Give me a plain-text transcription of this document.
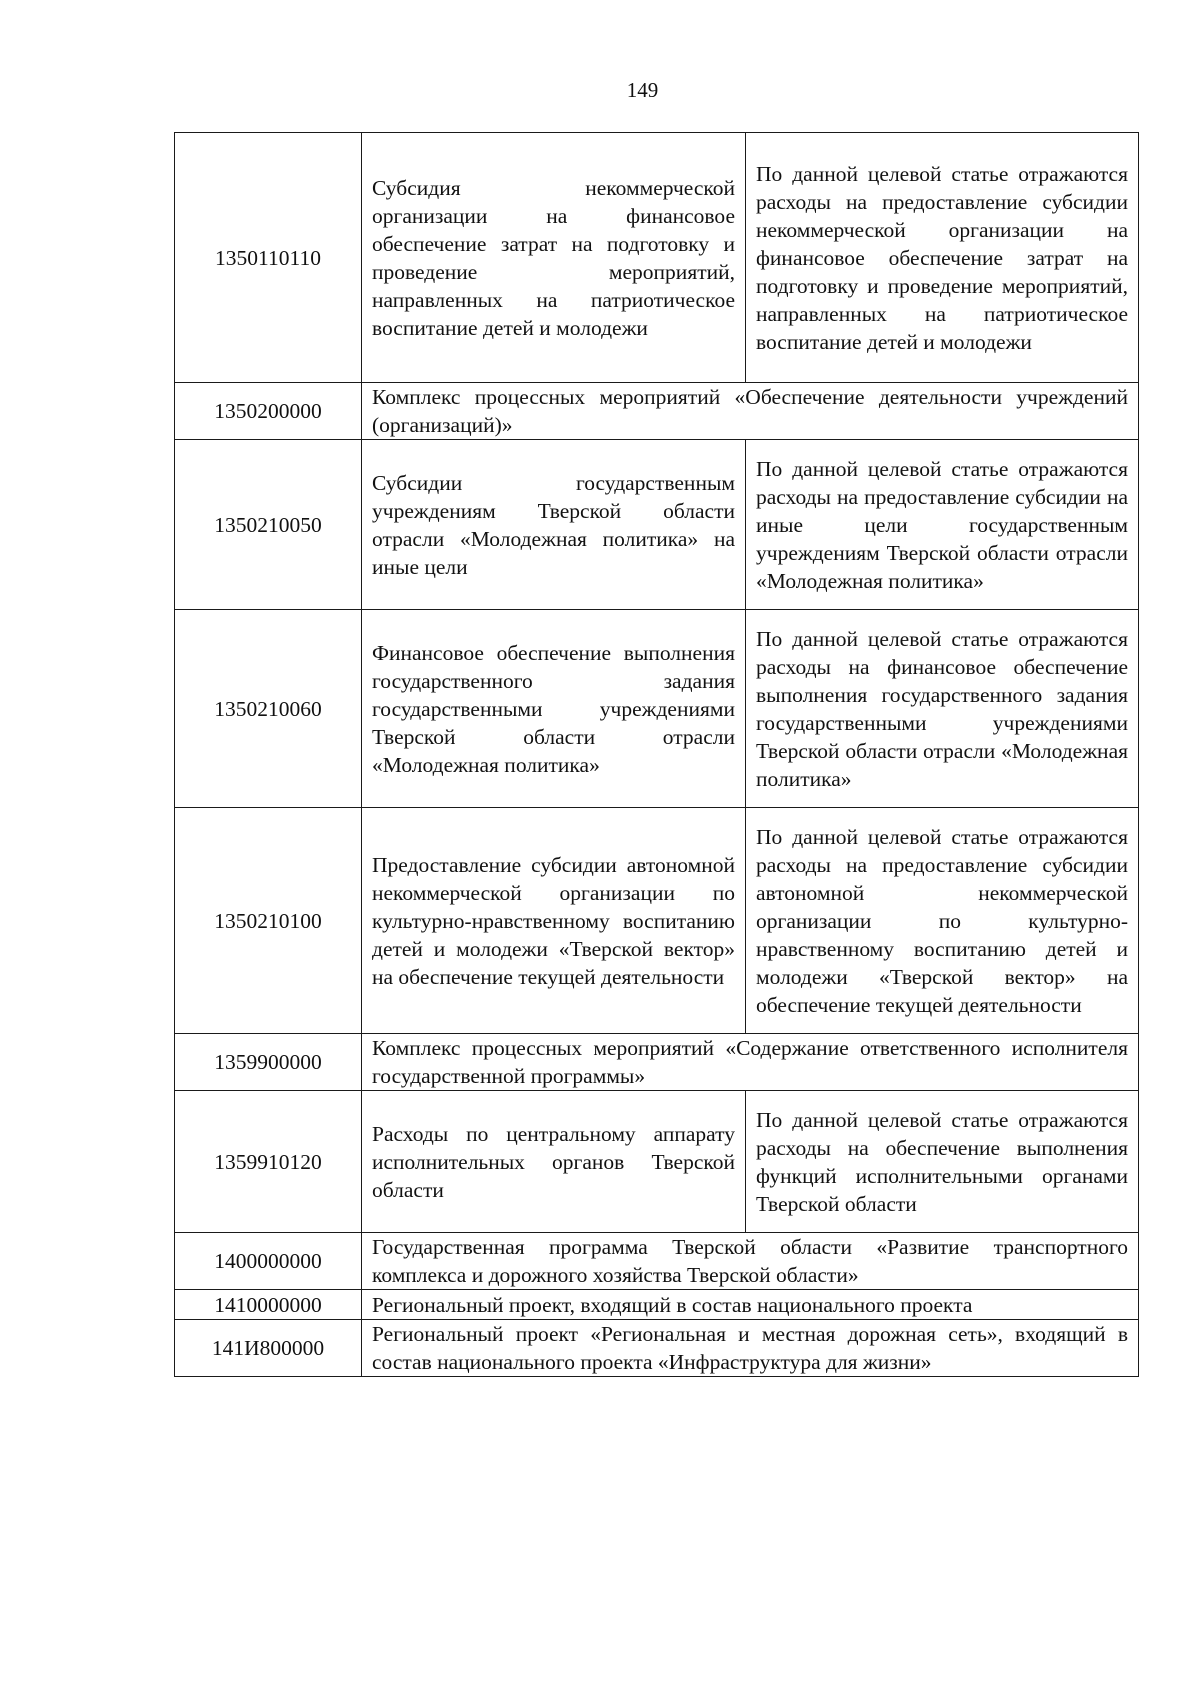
149
1350110110	Субсидия некоммерческой организации на финансовое обеспечение затрат на подготовку и проведение мероприятий, направленных на патриотическое воспитание детей и молодежи	По данной целевой статье отражаются расходы на предоставление субсидии некоммерческой организации на финансовое обеспечение затрат на подготовку и проведение мероприятий, направленных на патриотическое воспитание детей и молодежи
1350200000	Комплекс процессных мероприятий «Обеспечение деятельности учреждений (организаций)»	
1350210050	Субсидии государственным учреждениям Тверской области отрасли «Молодежная политика» на иные цели	По данной целевой статье отражаются расходы на предоставление субсидии на иные цели государственным учреждениям Тверской области отрасли «Молодежная политика»
1350210060	Финансовое обеспечение выполнения государственного задания государственными учреждениями Тверской области отрасли «Молодежная политика»	По данной целевой статье отражаются расходы на финансовое обеспечение выполнения государственного задания государственными учреждениями Тверской области отрасли «Молодежная политика»
1350210100	Предоставление субсидии автономной некоммерческой организации по культурно-нравственному воспитанию детей и молодежи «Тверской вектор» на обеспечение текущей деятельности	По данной целевой статье отражаются расходы на предоставление субсидии автономной некоммерческой организации по культурно-нравственному воспитанию детей и молодежи «Тверской вектор» на обеспечение текущей деятельности
1359900000	Комплекс процессных мероприятий «Содержание ответственного исполнителя государственной программы»	
1359910120	Расходы по центральному аппарату исполнительных органов Тверской области	По данной целевой статье отражаются расходы на обеспечение выполнения функций исполнительными органами Тверской области
1400000000	Государственная программа Тверской области «Развитие транспортного комплекса и дорожного хозяйства Тверской области»	
1410000000	Региональный проект, входящий в состав национального проекта	
141И800000	Региональный проект «Региональная и местная дорожная сеть», входящий в состав национального проекта «Инфраструктура для жизни»	
